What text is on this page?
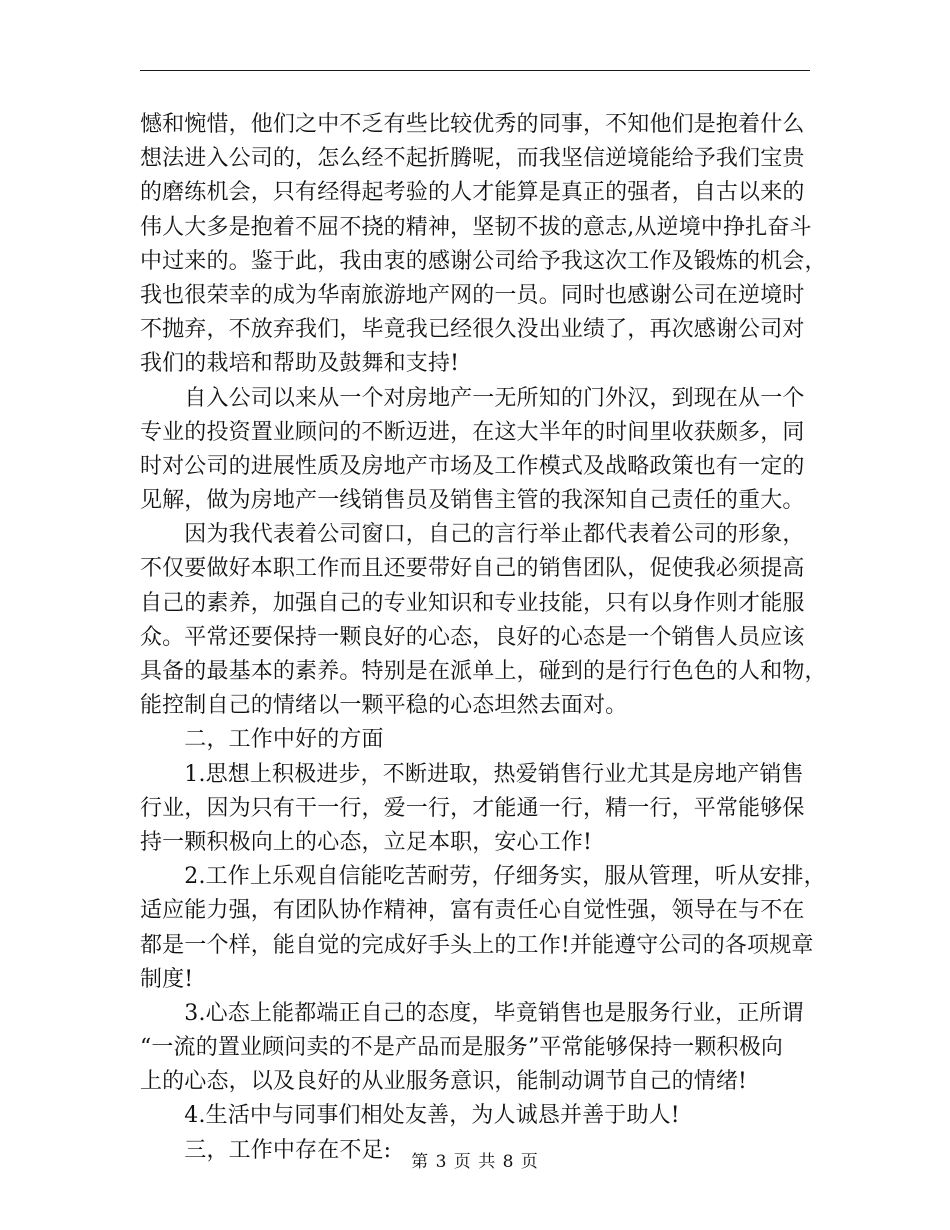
憾和惋惜，他们之中不乏有些比较优秀的同事，不知他们是抱着什么
想法进入公司的，怎么经不起折腾呢，而我坚信逆境能给予我们宝贵
的磨练机会，只有经得起考验的人才能算是真正的强者，自古以来的
伟人大多是抱着不屈不挠的精神，坚韧不拔的意志,从逆境中挣扎奋斗
中过来的。鉴于此，我由衷的感谢公司给予我这次工作及锻炼的机会，
我也很荣幸的成为华南旅游地产网的一员。同时也感谢公司在逆境时
不抛弃，不放弃我们，毕竟我已经很久没出业绩了，再次感谢公司对
我们的栽培和帮助及鼓舞和支持!
　　自入公司以来从一个对房地产一无所知的门外汉，到现在从一个
专业的投资置业顾问的不断迈进，在这大半年的时间里收获颇多，同
时对公司的进展性质及房地产市场及工作模式及战略政策也有一定的
见解，做为房地产一线销售员及销售主管的我深知自己责任的重大。
　　因为我代表着公司窗口，自己的言行举止都代表着公司的形象，
不仅要做好本职工作而且还要带好自己的销售团队，促使我必须提高
自己的素养，加强自己的专业知识和专业技能，只有以身作则才能服
众。平常还要保持一颗良好的心态，良好的心态是一个销售人员应该
具备的最基本的素养。特别是在派单上，碰到的是行行色色的人和物，
能控制自己的情绪以一颗平稳的心态坦然去面对。
　　二，工作中好的方面
　　1.思想上积极进步，不断进取，热爱销售行业尤其是房地产销售
行业，因为只有干一行，爱一行，才能通一行，精一行，平常能够保
持一颗积极向上的心态，立足本职，安心工作!
　　2.工作上乐观自信能吃苦耐劳，仔细务实，服从管理，听从安排，
适应能力强，有团队协作精神，富有责任心自觉性强，领导在与不在
都是一个样，能自觉的完成好手头上的工作!并能遵守公司的各项规章
制度!
　　3.心态上能都端正自己的态度，毕竟销售也是服务行业，正所谓
“一流的置业顾问卖的不是产品而是服务”平常能够保持一颗积极向
上的心态，以及良好的从业服务意识，能制动调节自己的情绪!
　　4.生活中与同事们相处友善，为人诚恳并善于助人!
　　三，工作中存在不足:	第 3 页 共 8 页
